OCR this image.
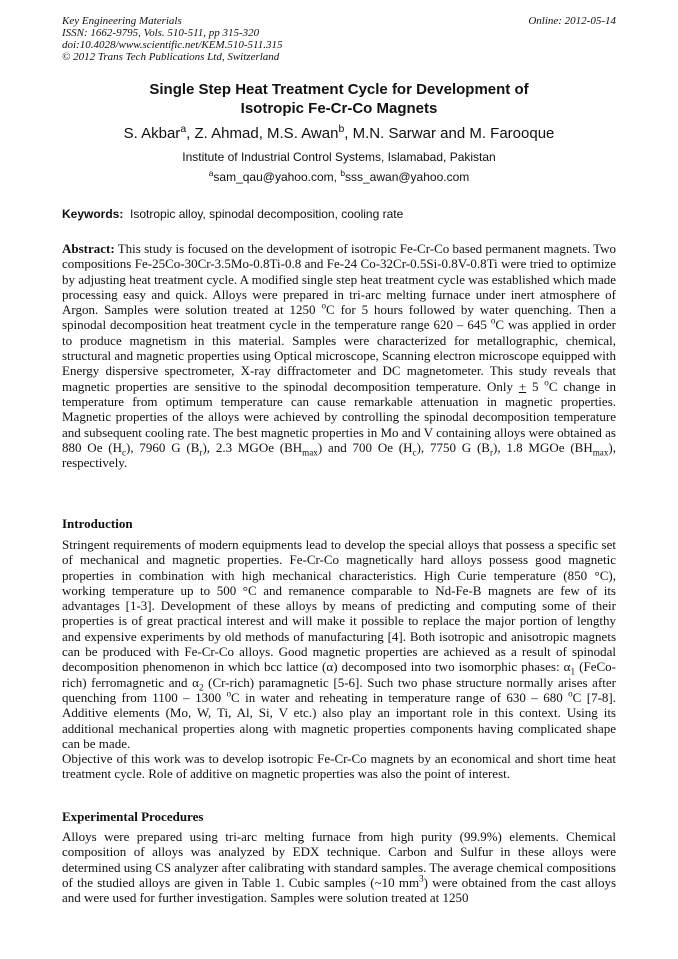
Key Engineering Materials
ISSN: 1662-9795, Vols. 510-511, pp 315-320
doi:10.4028/www.scientific.net/KEM.510-511.315
© 2012 Trans Tech Publications Ltd, Switzerland
Online: 2012-05-14
Single Step Heat Treatment Cycle for Development of
Isotropic Fe-Cr-Co Magnets
S. Akbar$^a$, Z. Ahmad, M.S. Awan$^b$, M.N. Sarwar and M. Farooque
Institute of Industrial Control Systems, Islamabad, Pakistan
$^a$sam_qau@yahoo.com, $^b$sss_awan@yahoo.com
Keywords: Isotropic alloy, spinodal decomposition, cooling rate

Abstract: This study is focused on the development of isotropic Fe-Cr-Co based permanent magnets. Two compositions Fe-25Co-30Cr-3.5Mo-0.8Ti-0.8 and Fe-24 Co-32Cr-0.5Si-0.8V-0.8Ti were tried to optimize by adjusting heat treatment cycle. A modified single step heat treatment cycle was established which made processing easy and quick. Alloys were prepared in tri-arc melting furnace under inert atmosphere of Argon. Samples were solution treated at 1250 $^o$C for 5 hours followed by water quenching. Then a spinodal decomposition heat treatment cycle in the temperature range 620 – 645 $^o$C was applied in order to produce magnetism in this material. Samples were characterized for metallographic, chemical, structural and magnetic properties using Optical microscope, Scanning electron microscope equipped with Energy dispersive spectrometer, X-ray diffractometer and DC magnetometer. This study reveals that magnetic properties are sensitive to the spinodal decomposition temperature. Only + 5 $^o$C change in temperature from optimum temperature can cause remarkable attenuation in magnetic properties. Magnetic properties of the alloys were achieved by controlling the spinodal decomposition temperature and subsequent cooling rate. The best magnetic properties in Mo and V containing alloys were obtained as 880 Oe $(H_c)$, 7960 G $(B_r)$, 2.3 MGOe $(BH_{max})$ and 700 Oe $(H_c)$, 7750 G $(B_r)$, 1.8 MGOe $(BH_{max})$, respectively.

Introduction

Stringent requirements of modern equipments lead to develop the special alloys that possess a specific set of mechanical and magnetic properties. Fe-Cr-Co magnetically hard alloys possess good magnetic properties in combination with high mechanical characteristics. High Curie temperature (850 °C), working temperature up to 500 °C and remanence comparable to Nd-Fe-B magnets are few of its advantages [1-3]. Development of these alloys by means of predicting and computing some of their properties is of great practical interest and will make it possible to replace the major portion of lengthy and expensive experiments by old methods of manufacturing [4]. Both isotropic and anisotropic magnets can be produced with Fe-Cr-Co alloys. Good magnetic properties are achieved as a result of spinodal decomposition phenomenon in which bcc lattice (α) decomposed into two isomorphic phases: $\alpha_1$ (FeCo-rich) ferromagnetic and $\alpha_2$ (Cr-rich) paramagnetic [5-6]. Such two phase structure normally arises after quenching from 1100 – 1300 $^o$C in water and reheating in temperature range of 630 – 680 $^o$C [7-8]. Additive elements (Mo, W, Ti, Al, Si, V etc.) also play an important role in this context. Using its additional mechanical properties along with magnetic properties components having complicated shape can be made.

Objective of this work was to develop isotropic Fe-Cr-Co magnets by an economical and short time heat treatment cycle. Role of additive on magnetic properties was also the point of interest.

Experimental Procedures

Alloys were prepared using tri-arc melting furnace from high purity (99.9%) elements. Chemical composition of alloys was analyzed by EDX technique. Carbon and Sulfur in these alloys were determined using CS analyzer after calibrating with standard samples. The average chemical compositions of the studied alloys are given in Table 1. Cubic samples (~10 $mm^3$) were obtained from the cast alloys and were used for further investigation. Samples were solution treated at 1250
